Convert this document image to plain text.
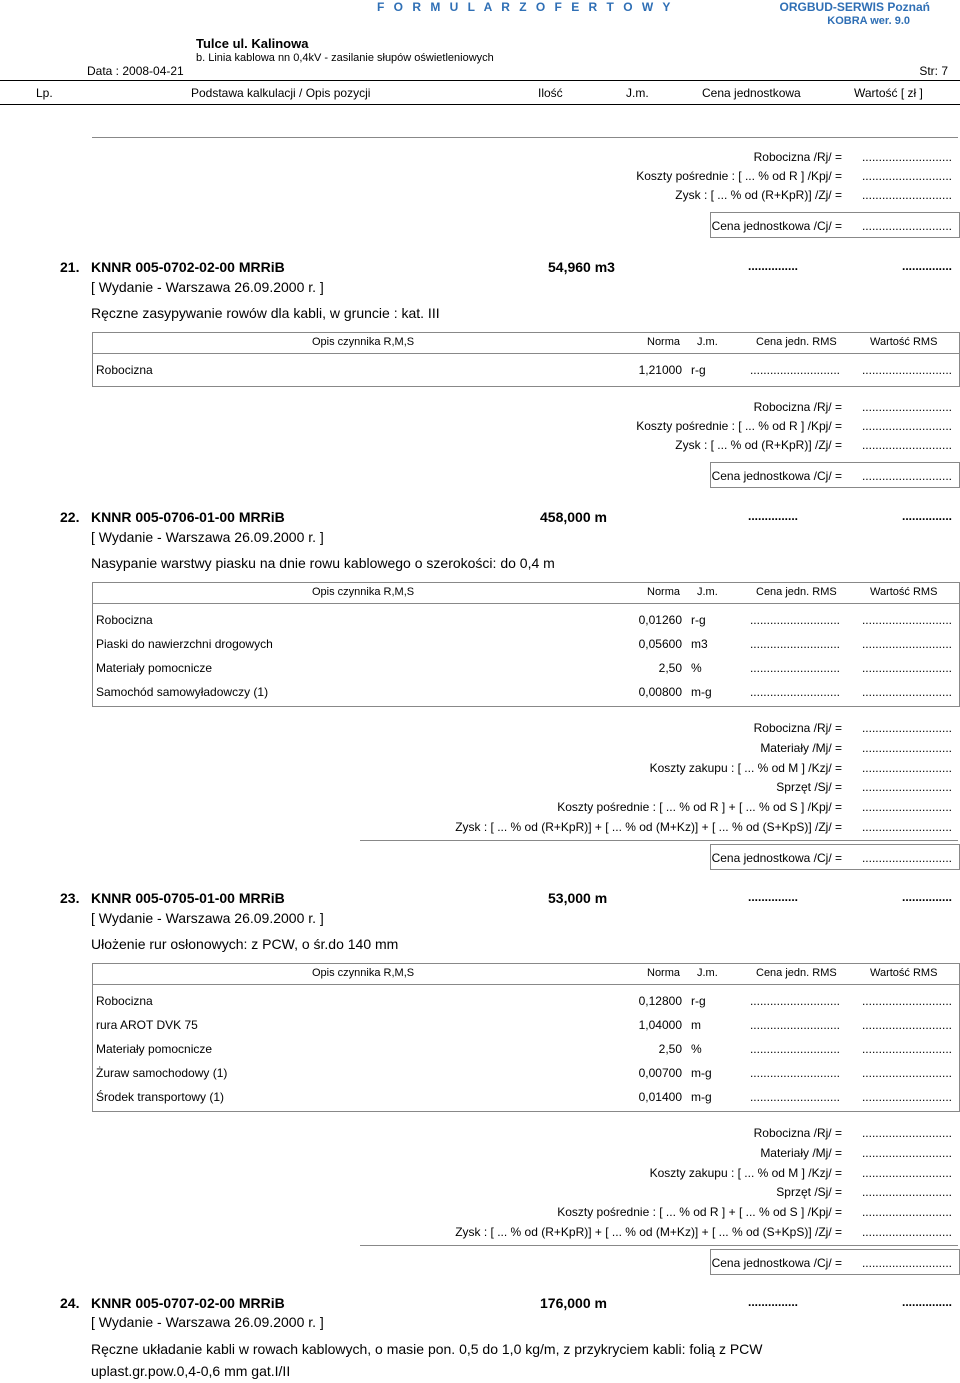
F O R M U L A R Z O F E R T O W Y	ORGBUD-SERWIS Poznań
KOBRA wer. 9.0
Tulce ul. Kalinowa
b. Linia kablowa nn 0,4kV - zasilanie słupów oświetleniowych
Data : 2008-04-21	Str: 7
Lp.	Podstawa kalkulacji / Opis pozycji	Ilość	J.m.	Cena jednostkowa	Wartość [ zł ]
Robocizna /Rj/ = ...........................
Koszty pośrednie : [ ... % od R ] /Kpj/ = ...........................
Zysk : [ ... % od (R+KpR)] /Zj/ = ...........................
Cena jednostkowa /Cj/ = ...........................
21. KNNR 005-0702-02-00 MRRiB	54,960 m3	...............	...............
[ Wydanie - Warszawa 26.09.2000 r. ]
Ręczne zasypywanie rowów dla kabli, w gruncie : kat. III
Opis czynnika R,M,S	Norma J.m.	Cena jedn. RMS	Wartość RMS
Robocizna	1,21000 r-g	...........................	...........................
Robocizna /Rj/ = ...........................
Koszty pośrednie : [ ... % od R ] /Kpj/ = ...........................
Zysk : [ ... % od (R+KpR)] /Zj/ = ...........................
Cena jednostkowa /Cj/ = ...........................
22. KNNR 005-0706-01-00 MRRiB	458,000 m	...............	...............
[ Wydanie - Warszawa 26.09.2000 r. ]
Nasypanie warstwy piasku na dnie rowu kablowego o szerokości: do 0,4 m
Opis czynnika R,M,S	Norma J.m.	Cena jedn. RMS	Wartość RMS
Robocizna	0,01260 r-g	...........................	...........................
Piaski do nawierzchni drogowych	0,05600 m3	...........................	...........................
Materiały pomocnicze	2,50 %	...........................	...........................
Samochód samowyładowczy (1)	0,00800 m-g	...........................	...........................
Robocizna /Rj/ = ...........................
Materiały /Mj/ = ...........................
Koszty zakupu : [ ... % od M ] /Kzj/ = ...........................
Sprzęt /Sj/ = ...........................
Koszty pośrednie : [ ... % od R ] + [ ... % od S ] /Kpj/ = ...........................
Zysk : [ ... % od (R+KpR)] + [ ... % od (M+Kz)] + [ ... % od (S+KpS)] /Zj/ = ...........................
Cena jednostkowa /Cj/ = ...........................
23. KNNR 005-0705-01-00 MRRiB	53,000 m	...............	...............
[ Wydanie - Warszawa 26.09.2000 r. ]
Ułożenie rur osłonowych: z PCW, o śr.do 140 mm
Opis czynnika R,M,S	Norma J.m.	Cena jedn. RMS	Wartość RMS
Robocizna	0,12800 r-g	...........................	...........................
rura AROT DVK 75	1,04000 m	...........................	...........................
Materiały pomocnicze	2,50 %	...........................	...........................
Żuraw samochodowy (1)	0,00700 m-g	...........................	...........................
Środek transportowy (1)	0,01400 m-g	...........................	...........................
Robocizna /Rj/ = ...........................
Materiały /Mj/ = ...........................
Koszty zakupu : [ ... % od M ] /Kzj/ = ...........................
Sprzęt /Sj/ = ...........................
Koszty pośrednie : [ ... % od R ] + [ ... % od S ] /Kpj/ = ...........................
Zysk : [ ... % od (R+KpR)] + [ ... % od (M+Kz)] + [ ... % od (S+KpS)] /Zj/ = ...........................
Cena jednostkowa /Cj/ = ...........................
24. KNNR 005-0707-02-00 MRRiB	176,000 m	...............	...............
[ Wydanie - Warszawa 26.09.2000 r. ]
Ręczne układanie kabli w rowach kablowych, o masie pon. 0,5 do 1,0 kg/m, z przykryciem kabli: folią z PCW
uplast.gr.pow.0,4-0,6 mm gat.I/II
